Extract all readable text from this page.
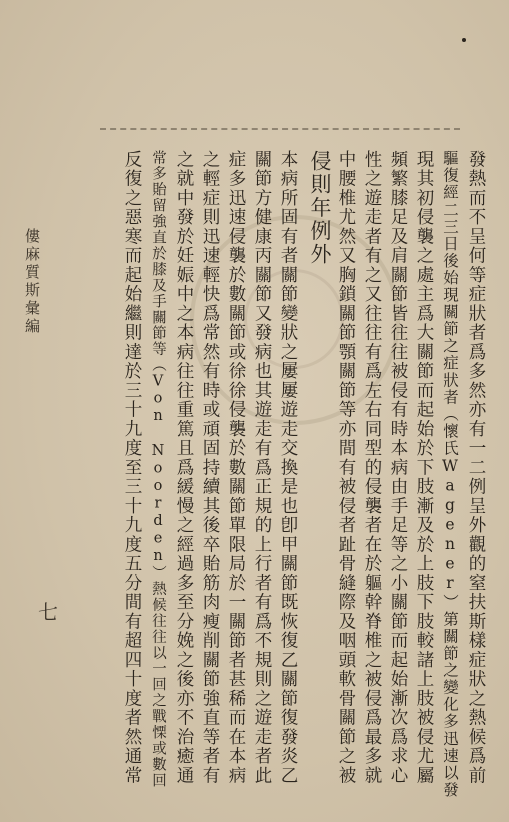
發熱而不呈何等症狀者爲多然亦有一二例呈外觀的窒扶斯樣症狀之熱候爲前
驅復經二三日後始現關節之症狀者（懷氏Wagener）第關節之變化多迅速以發
現其初侵襲之處主爲大關節而起始於下肢漸及於上肢下肢較諸上肢被侵尤屬
頻繁膝足及肩關節皆往往被侵有時本病由手足等之小關節而起始漸次爲求心
性之遊走者有之又往往有爲左右同型的侵襲者在於軀幹脊椎之被侵爲最多就
中腰椎尤然又胸鎖關節顎關節等亦間有被侵者趾骨縫際及咽頭軟骨關節之被
侵則年例外
本病所固有者關節變狀之屢屢遊走交換是也卽甲關節既恢復乙關節復發炎乙
關節方健康丙關節又發病也其遊走有爲正規的上行者有爲不規則之遊走者此
症多迅速侵襲於數關節或徐徐侵襲於數關節單限局於一關節者甚稀而在本病
之輕症則迅速輕快爲常然有時或頑固持續其後卒貽筋肉瘦削關節強直等者有
之就中發於妊娠中之本病往往重篤且爲緩慢之經過多至分娩之後亦不治癒通
常多貽留強直於膝及手關節等（Von Noorden）熱候往往以一回之戰慄或數回
反復之惡寒而起始繼則達於三十九度至三十九度五分間有超四十度者然通常
僂麻質斯彙編
七
